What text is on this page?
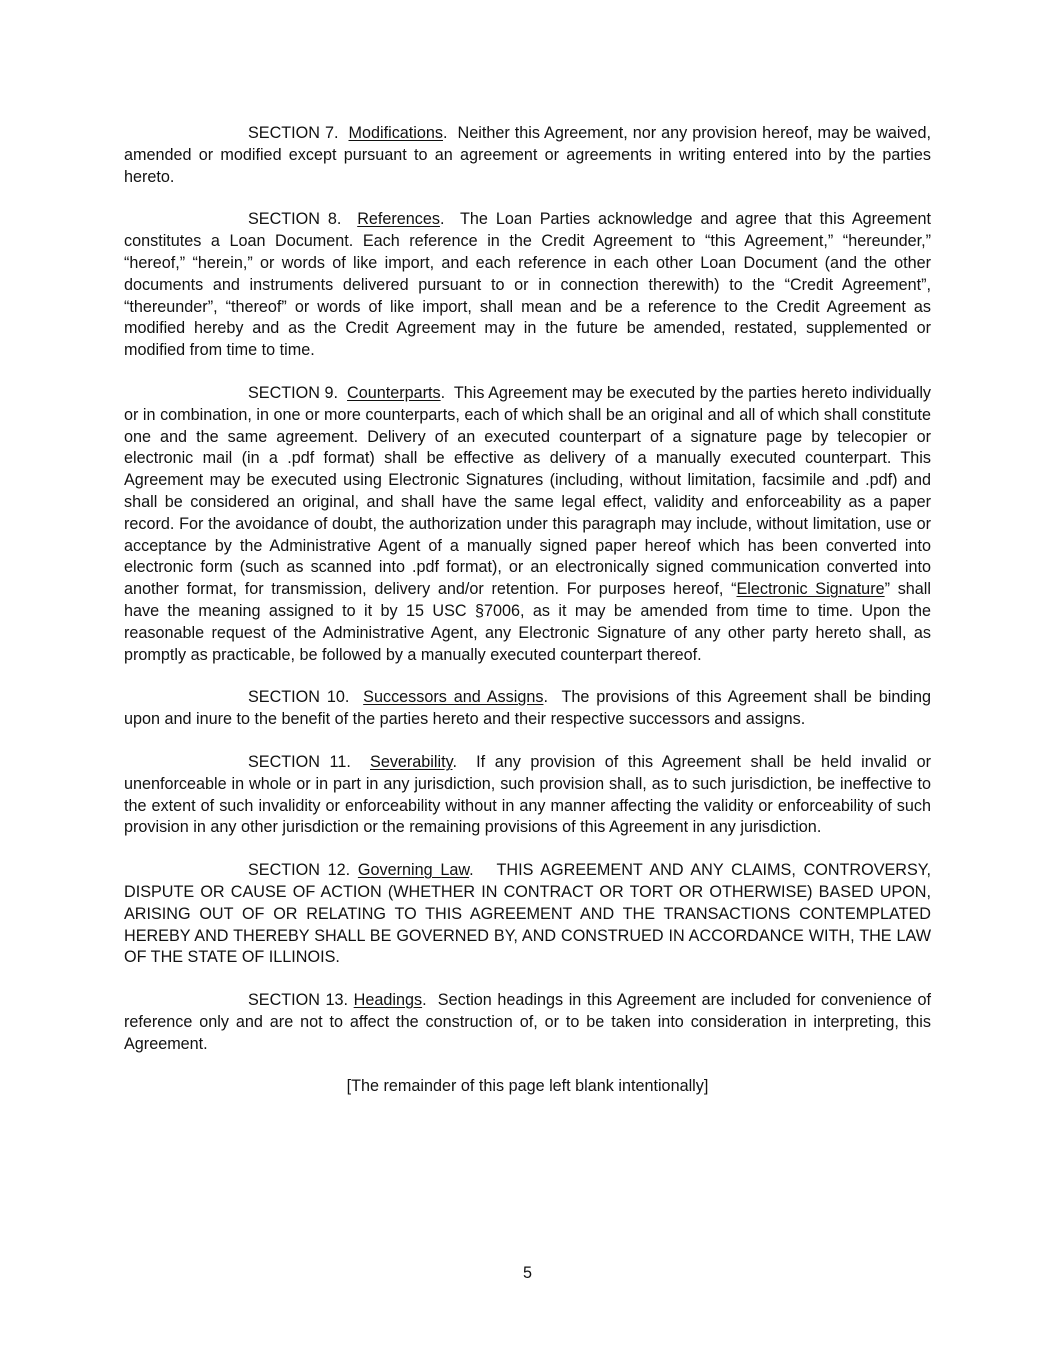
SECTION 7. Modifications.  Neither this Agreement, nor any provision hereof, may be waived, amended or modified except pursuant to an agreement or agreements in writing entered into by the parties hereto.

SECTION 8. References.  The Loan Parties acknowledge and agree that this Agreement constitutes a Loan Document. Each reference in the Credit Agreement to “this Agreement,” “hereunder,” “hereof,” “herein,” or words of like import, and each reference in each other Loan Document (and the other documents and instruments delivered pursuant to or in connection therewith) to the “Credit Agreement”, “thereunder”, “thereof” or words of like import, shall mean and be a reference to the Credit Agreement as modified hereby and as the Credit Agreement may in the future be amended, restated, supplemented or modified from time to time.

SECTION 9. Counterparts.  This Agreement may be executed by the parties hereto individually or in combination, in one or more counterparts, each of which shall be an original and all of which shall constitute one and the same agreement. Delivery of an executed counterpart of a signature page by telecopier or electronic mail (in a .pdf format) shall be effective as delivery of a manually executed counterpart. This Agreement may be executed using Electronic Signatures (including, without limitation, facsimile and .pdf) and shall be considered an original, and shall have the same legal effect, validity and enforceability as a paper record. For the avoidance of doubt, the authorization under this paragraph may include, without limitation, use or acceptance by the Administrative Agent of a manually signed paper hereof which has been converted into electronic form (such as scanned into .pdf format), or an electronically signed communication converted into another format, for transmission, delivery and/or retention. For purposes hereof, “Electronic Signature” shall have the meaning assigned to it by 15 USC §7006, as it may be amended from time to time. Upon the reasonable request of the Administrative Agent, any Electronic Signature of any other party hereto shall, as promptly as practicable, be followed by a manually executed counterpart thereof.

SECTION 10. Successors and Assigns.  The provisions of this Agreement shall be binding upon and inure to the benefit of the parties hereto and their respective successors and assigns.

SECTION 11. Severability.  If any provision of this Agreement shall be held invalid or unenforceable in whole or in part in any jurisdiction, such provision shall, as to such jurisdiction, be ineffective to the extent of such invalidity or enforceability without in any manner affecting the validity or enforceability of such provision in any other jurisdiction or the remaining provisions of this Agreement in any jurisdiction.

SECTION 12. Governing Law.   THIS AGREEMENT AND ANY CLAIMS, CONTROVERSY, DISPUTE OR CAUSE OF ACTION (WHETHER IN CONTRACT OR TORT OR OTHERWISE) BASED UPON, ARISING OUT OF OR RELATING TO THIS AGREEMENT AND THE TRANSACTIONS CONTEMPLATED HEREBY AND THEREBY SHALL BE GOVERNED BY, AND CONSTRUED IN ACCORDANCE WITH, THE LAW OF THE STATE OF ILLINOIS.

SECTION 13. Headings.  Section headings in this Agreement are included for convenience of reference only and are not to affect the construction of, or to be taken into consideration in interpreting, this Agreement.

[The remainder of this page left blank intentionally]

5
